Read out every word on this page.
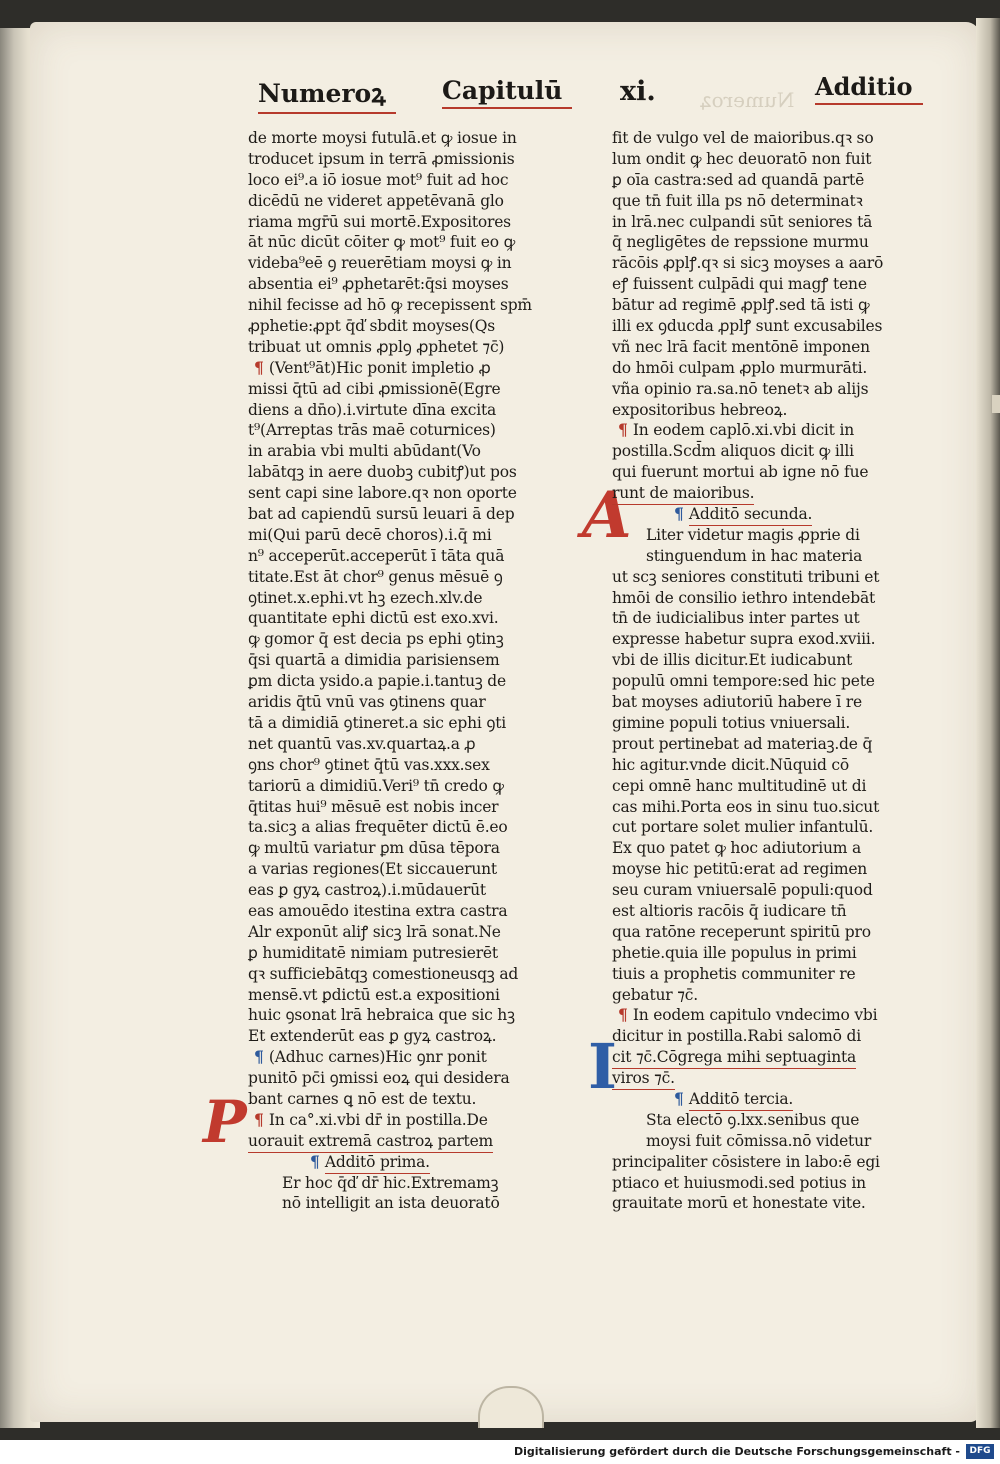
Numeroꝝ Capitulū xi.	Additio
Numeroꝝ
P
A
I
de morte moysi futulā.et ꝙ iosue in
troducet ipsum in terrā ꝓmissionis
loco ei⁹.a iō iosue mot⁹ fuit ad hoc
dicēdū ne videret appetēvanā glo
riama mgr̄ū sui mortē.Expositores
āt nūc dicūt cōiter ꝙ mot⁹ fuit eo ꝙ
videba⁹eē ꝯ reuerētiam moysi ꝙ in
absentia ei⁹ ꝓphetarēt:q̄si moyses
nihil fecisse ad hō ꝙ recepissent spm̄
ꝓphetie:ꝓpt q̄ď sbdit moyses(Qs
tribuat ut omnis ꝓplꝯ ꝓphetet ⁊c̄)
¶ (Vent⁹āt)Hic ponit impletio ꝓ
missi q̄tū ad cibi ꝓmissionē(Egre
diens a dn̄o).i.virtute dīna excita
t⁹(Arreptas trās maē coturnices)
in arabia vbi multi abūdant(Vo
labātqꝫ in aere duobꝫ cubitꝭ)ut pos
sent capi sine labore.qꝛ non oporte
bat ad capiendū sursū leuari ā dep
mi(Qui parū decē choros).i.q̄ mi
n⁹ acceperūt.acceperūt ī tāta quā
titate.Est āt chor⁹ genus mēsuē ꝯ
ꝯtinet.x.ephi.vt hꝫ ezech.xlv.de
quantitate ephi dictū est exo.xvi.
ꝙ gomor q̄ est decia ps ephi ꝯtinꝫ
q̄si quartā a dimidia parisiensem
ꝑm dicta ysido.a papie.i.tantuꝫ de
aridis q̄tū vnū vas ꝯtinens quar
tā a dimidiā ꝯtineret.a sic ephi ꝯti
net quantū vas.xv.quartaꝝ.a ꝓ
ꝯns chor⁹ ꝯtinet q̄tū vas.xxx.sex
tariorū a dimidiū.Veri⁹ tn̄ credo ꝙ
q̄titas hui⁹ mēsuē est nobis incer
ta.sicꝫ a alias frequēter dictū ē.eo
ꝙ multū variatur ꝑm dūsa tēpora
a varias regiones(Et siccauerunt
eas ꝑ gyꝝ castroꝝ).i.mūdauerūt
eas amouēdo itestina extra castra
Alr exponūt aliꝭ sicꝫ lrā sonat.Ne
ꝑ humiditatē nimiam putresierēt
qꝛ sufficiebātqꝫ comestioneusqꝫ ad
mensē.vt ꝑdictū est.a expositioni
huic ꝯsonat lrā hebraica que sic hꝫ
Et extenderūt eas ꝑ gyꝝ castroꝝ.
¶ (Adhuc carnes)Hic ꝯnr ponit
punitō pc̄i ꝯmissi eoꝝ qui desidera
bant carnes ꝗ nō est de textu.
¶ In ca°.xi.vbi dr̄ in postilla.De
uorauit extremā castroꝝ partem
¶ Additō prima.
Er hoc q̄ď dr̄ hic.Extremamꝫ
nō intelligit an ista deuoratō
fit de vulgo vel de maioribus.qꝛ so
lum ondit ꝙ hec deuoratō non fuit
ꝑ oīa castra:sed ad quandā partē
que tn̄ fuit illa ps nō determinatꝛ
in lrā.nec culpandi sūt seniores tā
q̄ negligētes de repssione murmu
rācōis ꝓplꝭ.qꝛ si sicꝫ moyses a aarō
eꝭ fuissent culpādi qui magꝭ tene
bātur ad regimē ꝓplꝭ.sed tā isti ꝙ
illi ex ꝯducda ꝓplꝭ sunt excusabiles
vñ nec lrā facit mentōnē imponen
do hmōi culpam ꝓplo murmurāti.
vña opinio ra.sa.nō tenetꝛ ab alijs
expositoribus hebreoꝝ.
¶ In eodem caplō.xi.vbi dicit in
postilla.Scd̄m aliquos dicit ꝙ illi
qui fuerunt mortui ab igne nō fue
runt de maioribus.
¶ Additō secunda.
Liter videtur magis ꝓprie di
stinguendum in hac materia
ut scꝫ seniores constituti tribuni et
hmōi de consilio iethro intendebāt
tn̄ de iudicialibus inter partes ut
expresse habetur supra exod.xviii.
vbi de illis dicitur.Et iudicabunt
populū omni tempore:sed hic pete
bat moyses adiutoriū habere ī re
gimine populi totius vniuersali.
prout pertinebat ad materiaꝫ.de q̄
hic agitur.vnde dicit.Nūquid cō
cepi omnē hanc multitudinē ut di
cas mihi.Porta eos in sinu tuo.sicut
cut portare solet mulier infantulū.
Ex quo patet ꝙ hoc adiutorium a
moyse hic petitū:erat ad regimen
seu curam vniuersalē populi:quod
est altioris racōis q̄ iudicare tn̄
qua ratōne receperunt spiritū pro
phetie.quia ille populus in primi
tiuis a prophetis communiter re
gebatur ⁊c̄.
¶ In eodem capitulo vndecimo vbi
dicitur in postilla.Rabi salomō di
cit ⁊c̄.Cōgrega mihi septuaginta
viros ⁊c̄.
¶ Additō tercia.
Sta electō ꝯ.lxx.senibus que
moysi fuit cōmissa.nō videtur
principaliter cōsistere in labo:ē egi
ptiaco et huiusmodi.sed potius in
grauitate morū et honestate vite.
Digitalisierung gefördert durch die Deutsche Forschungsgemeinschaft -	DFG
